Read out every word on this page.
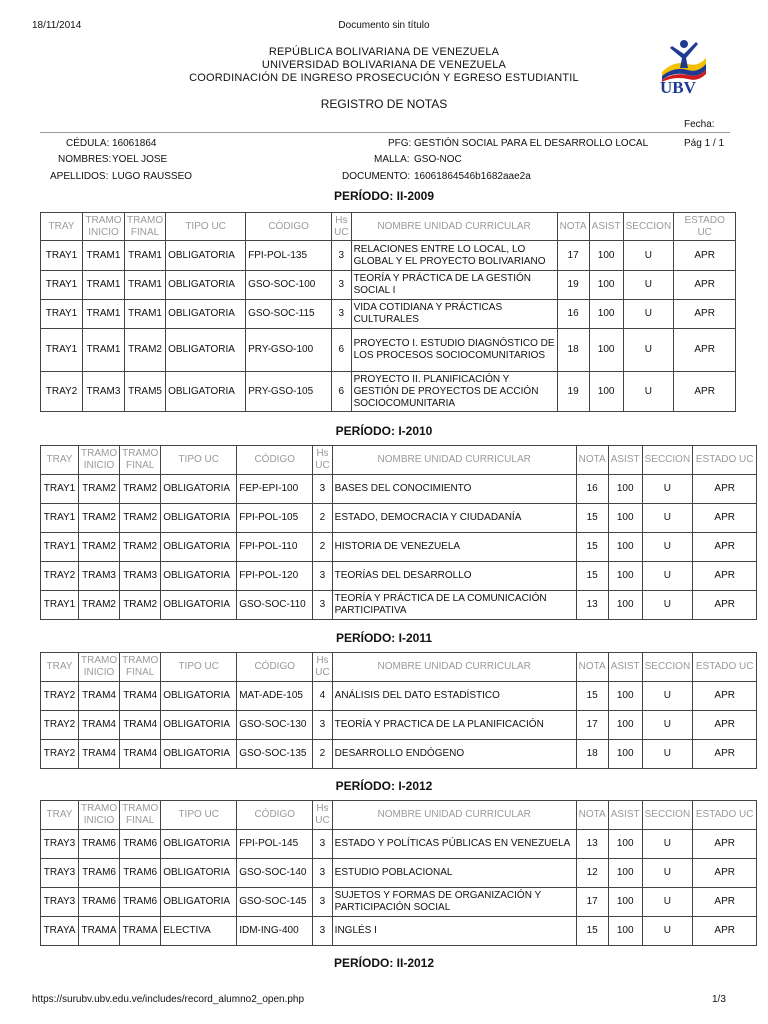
18/11/2014	Documento sin título
https://surubv.ubv.edu.ve/includes/record_alumno2_open.php	1/3
REPÚBLICA BOLIVARIANA DE VENEZUELA
UNIVERSIDAD BOLIVARIANA DE VENEZUELA
COORDINACIÓN DE INGRESO PROSECUCIÓN Y EGRESO ESTUDIANTIL
REGISTRO DE NOTAS
UBV
Fecha:
CÉDULA: 16061864
NOMBRES: YOEL JOSE
APELLIDOS: LUGO RAUSSEO
PFG: GESTIÓN SOCIAL PARA EL DESARROLLO LOCAL
MALLA: GSO-NOC
DOCUMENTO: 16061864546b1682aae2a
Pág 1 / 1
PERÍODO: II-2009
TRAY	TRAMO INICIO	TRAMO FINAL	TIPO UC	CÓDIGO	Hs UC	NOMBRE UNIDAD CURRICULAR	NOTA	ASIST	SECCION	ESTADO UC
TRAY1	TRAM1	TRAM1	OBLIGATORIA	FPI-POL-135	3	RELACIONES ENTRE LO LOCAL, LO GLOBAL Y EL PROYECTO BOLIVARIANO	17	100	U	APR
TRAY1	TRAM1	TRAM1	OBLIGATORIA	GSO-SOC-100	3	TEORÍA Y PRÁCTICA DE LA GESTIÓN SOCIAL I	19	100	U	APR
TRAY1	TRAM1	TRAM1	OBLIGATORIA	GSO-SOC-115	3	VIDA COTIDIANA Y PRÁCTICAS CULTURALES	16	100	U	APR
TRAY1	TRAM1	TRAM2	OBLIGATORIA	PRY-GSO-100	6	PROYECTO I. ESTUDIO DIAGNÓSTICO DE LOS PROCESOS SOCIOCOMUNITARIOS	18	100	U	APR
TRAY2	TRAM3	TRAM5	OBLIGATORIA	PRY-GSO-105	6	PROYECTO II. PLANIFICACIÓN Y GESTIÓN DE PROYECTOS DE ACCIÓN SOCIOCOMUNITARIA	19	100	U	APR
PERÍODO: I-2010
TRAY	TRAMO INICIO	TRAMO FINAL	TIPO UC	CÓDIGO	Hs UC	NOMBRE UNIDAD CURRICULAR	NOTA	ASIST	SECCION	ESTADO UC
TRAY1	TRAM2	TRAM2	OBLIGATORIA	FEP-EPI-100	3	BASES DEL CONOCIMIENTO	16	100	U	APR
TRAY1	TRAM2	TRAM2	OBLIGATORIA	FPI-POL-105	2	ESTADO, DEMOCRACIA Y CIUDADANÍA	15	100	U	APR
TRAY1	TRAM2	TRAM2	OBLIGATORIA	FPI-POL-110	2	HISTORIA DE VENEZUELA	15	100	U	APR
TRAY2	TRAM3	TRAM3	OBLIGATORIA	FPI-POL-120	3	TEORÍAS DEL DESARROLLO	15	100	U	APR
TRAY1	TRAM2	TRAM2	OBLIGATORIA	GSO-SOC-110	3	TEORÍA Y PRÁCTICA DE LA COMUNICACIÓN PARTICIPATIVA	13	100	U	APR
PERÍODO: I-2011
TRAY	TRAMO INICIO	TRAMO FINAL	TIPO UC	CÓDIGO	Hs UC	NOMBRE UNIDAD CURRICULAR	NOTA	ASIST	SECCION	ESTADO UC
TRAY2	TRAM4	TRAM4	OBLIGATORIA	MAT-ADE-105	4	ANÁLISIS DEL DATO ESTADÍSTICO	15	100	U	APR
TRAY2	TRAM4	TRAM4	OBLIGATORIA	GSO-SOC-130	3	TEORÍA Y PRACTICA DE LA PLANIFICACIÓN	17	100	U	APR
TRAY2	TRAM4	TRAM4	OBLIGATORIA	GSO-SOC-135	2	DESARROLLO ENDÓGENO	18	100	U	APR
PERÍODO: I-2012
TRAY	TRAMO INICIO	TRAMO FINAL	TIPO UC	CÓDIGO	Hs UC	NOMBRE UNIDAD CURRICULAR	NOTA	ASIST	SECCION	ESTADO UC
TRAY3	TRAM6	TRAM6	OBLIGATORIA	FPI-POL-145	3	ESTADO Y POLÍTICAS PÚBLICAS EN VENEZUELA	13	100	U	APR
TRAY3	TRAM6	TRAM6	OBLIGATORIA	GSO-SOC-140	3	ESTUDIO POBLACIONAL	12	100	U	APR
TRAY3	TRAM6	TRAM6	OBLIGATORIA	GSO-SOC-145	3	SUJETOS Y FORMAS DE ORGANIZACIÓN Y PARTICIPACIÓN SOCIAL	17	100	U	APR
TRAYA	TRAMA	TRAMA	ELECTIVA	IDM-ING-400	3	INGLÉS I	15	100	U	APR
PERÍODO: II-2012
